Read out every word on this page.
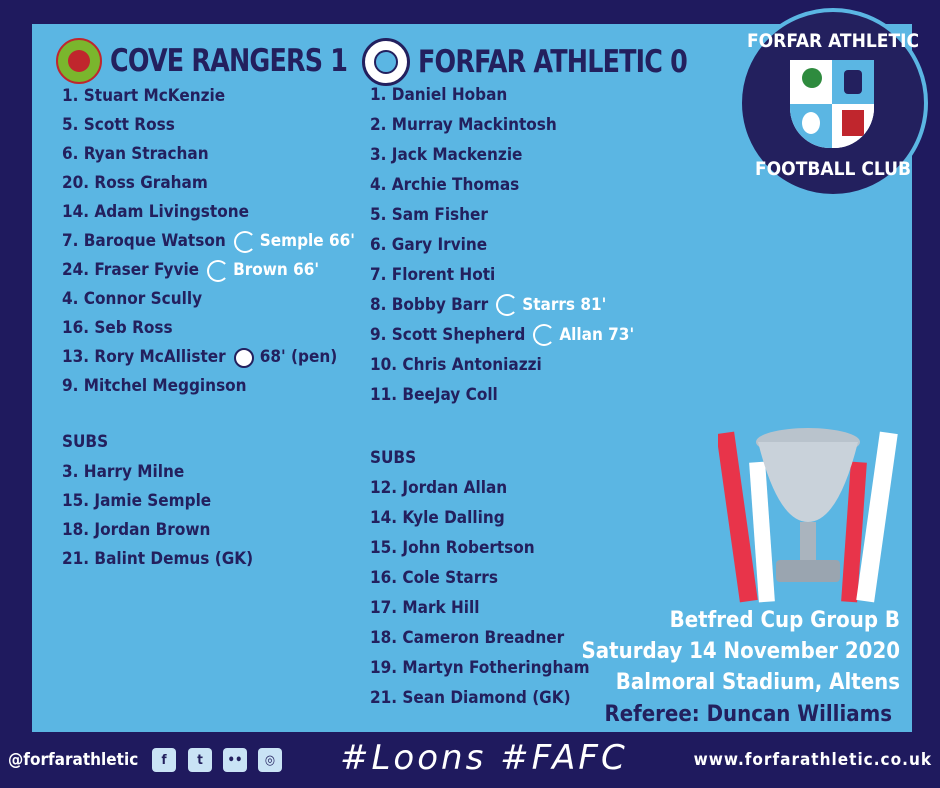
COVE RANGERS 1 FORFAR ATHLETIC 0
1. Stuart McKenzie
5. Scott Ross
6. Ryan Strachan
20. Ross Graham
14. Adam Livingstone
7. Baroque Watson Semple 66'
24. Fraser Fyvie Brown 66'
4. Connor Scully
16. Seb Ross
13. Rory McAllister 68' (pen)
9. Mitchel Megginson
SUBS
3. Harry Milne
15. Jamie Semple
18. Jordan Brown
21. Balint Demus (GK)
1. Daniel Hoban
2. Murray Mackintosh
3. Jack Mackenzie
4. Archie Thomas
5. Sam Fisher
6. Gary Irvine
7. Florent Hoti
8. Bobby Barr Starrs 81'
9. Scott Shepherd Allan 73'
10. Chris Antoniazzi
11. BeeJay Coll
SUBS
12. Jordan Allan
14. Kyle Dalling
15. John Robertson
16. Cole Starrs
17. Mark Hill
18. Cameron Breadner
19. Martyn Fotheringham
21. Sean Diamond (GK)
FORFAR ATHLETIC
FOOTBALL CLUB
Betfred Cup Group B
Saturday 14 November 2020
Balmoral Stadium, Altens
Referee: Duncan Williams
@forfarathletic	f	t	••	◎ #Loons #FAFC	www.forfarathletic.co.uk
